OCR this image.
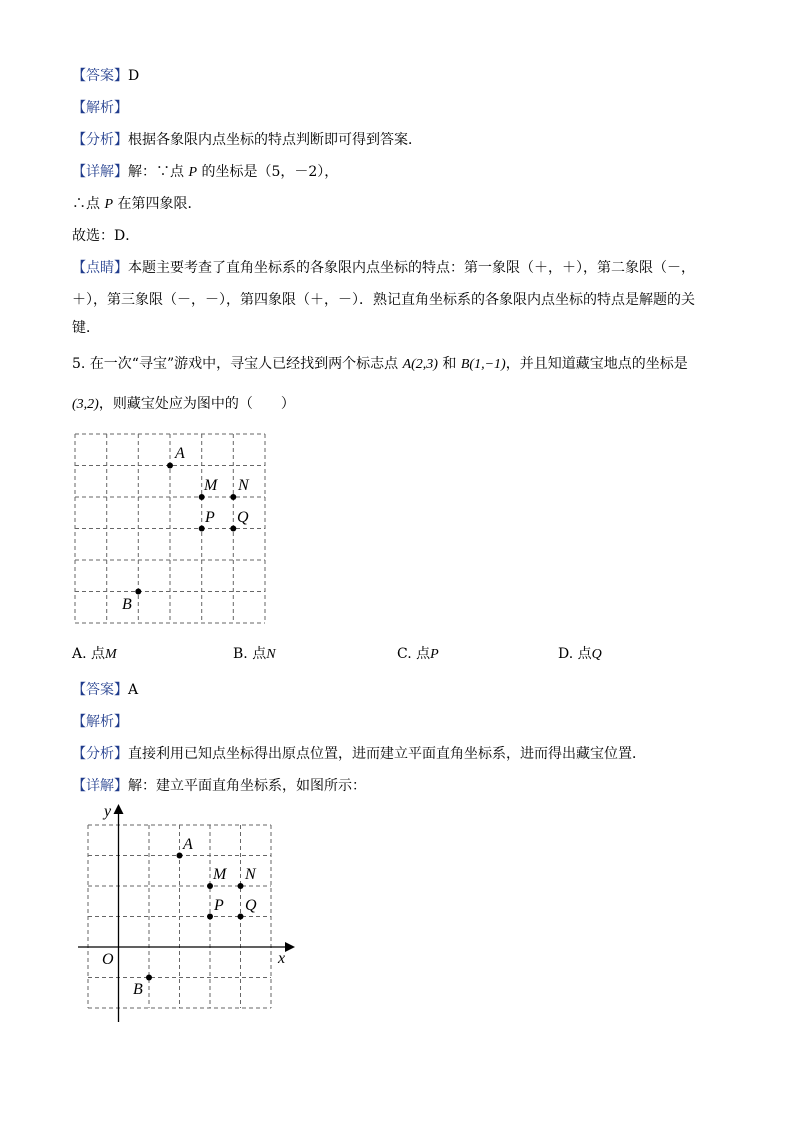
【答案】D
【解析】
【分析】根据各象限内点坐标的特点判断即可得到答案．
【详解】解：∵点 P 的坐标是（5，－2），
∴点 P 在第四象限．
故选：D．
【点睛】本题主要考查了直角坐标系的各象限内点坐标的特点：第一象限（＋，＋），第二象限（－，
＋），第三象限（－，－），第四象限（＋，－）．熟记直角坐标系的各象限内点坐标的特点是解题的关
键．
5. 在一次“寻宝”游戏中，寻宝人已经找到两个标志点 A(2,3) 和 B(1,−1)，并且知道藏宝地点的坐标是
(3,2)，则藏宝处应为图中的（　　）
A
M N
P Q
B
A
M N
P Q
B
O	x
y
A. 点M	B. 点N	C. 点P	D. 点Q
【答案】A
【解析】
【分析】直接利用已知点坐标得出原点位置，进而建立平面直角坐标系，进而得出藏宝位置．
【详解】解：建立平面直角坐标系，如图所示：
